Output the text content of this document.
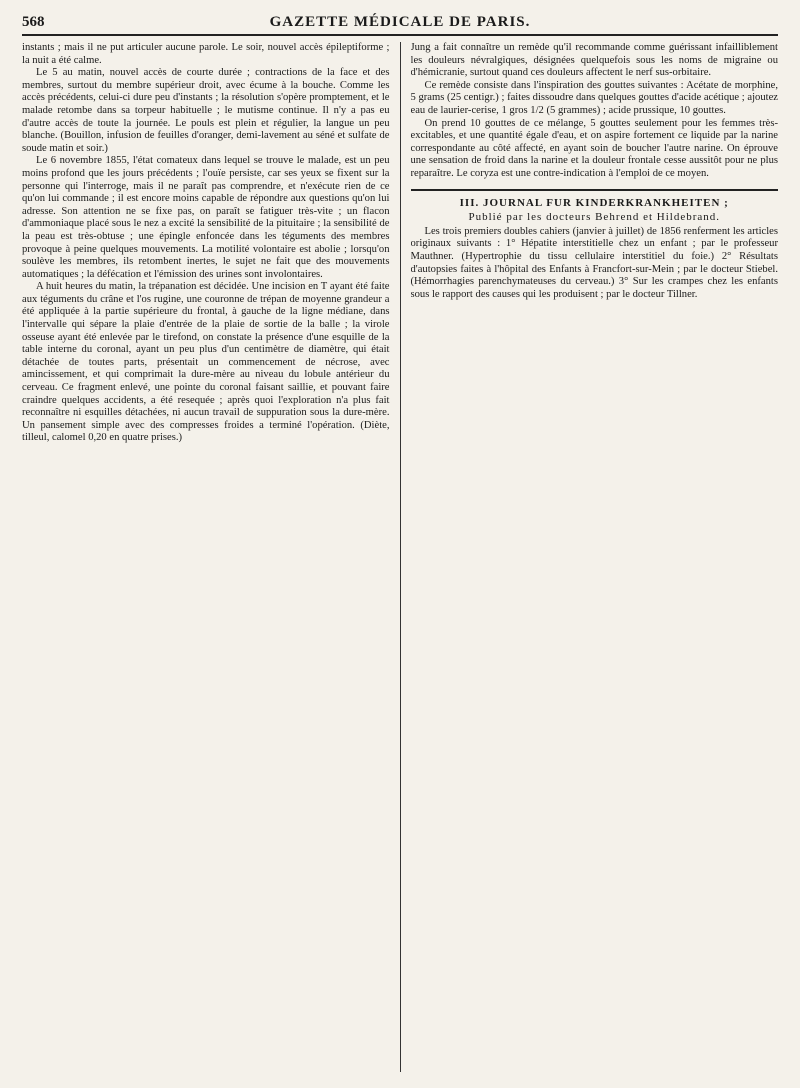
568	GAZETTE MÉDICALE DE PARIS.

instants ; mais il ne put articuler aucune parole. Le soir, nouvel accès épileptiforme ; la nuit a été calme.

Le 5 au matin, nouvel accès de courte durée ; contractions de la face et des membres, surtout du membre supérieur droit, avec écume à la bouche. Comme les accès précédents, celui-ci dure peu d'instants ; la résolution s'opère promptement, et le malade retombe dans sa torpeur habituelle ; le mutisme continue. Il n'y a pas eu d'autre accès de toute la journée. Le pouls est plein et régulier, la langue un peu blanche. (Bouillon, infusion de feuilles d'oranger, demi-lavement au séné et sulfate de soude matin et soir.)

Le 6 novembre 1855, l'état comateux dans lequel se trouve le malade, est un peu moins profond que les jours précédents ; l'ouïe persiste, car ses yeux se fixent sur la personne qui l'interroge, mais il ne paraît pas comprendre, et n'exécute rien de ce qu'on lui commande ; il est encore moins capable de répondre aux questions qu'on lui adresse. Son attention ne se fixe pas, on paraît se fatiguer très-vite ; un flacon d'ammoniaque placé sous le nez a excité la sensibilité de la pituitaire ; la sensibilité de la peau est très-obtuse ; une épingle enfoncée dans les téguments des membres provoque à peine quelques mouvements. La motilité volontaire est abolie ; lorsqu'on soulève les membres, ils retombent inertes, le sujet ne fait que des mouvements automatiques ; la défécation et l'émission des urines sont involontaires.

A huit heures du matin, la trépanation est décidée. Une incision en T ayant été faite aux téguments du crâne et l'os rugine, une couronne de trépan de moyenne grandeur a été appliquée à la partie supérieure du frontal, à gauche de la ligne médiane, dans l'intervalle qui sépare la plaie d'entrée de la plaie de sortie de la balle ; la virole osseuse ayant été enlevée par le tirefond, on constate la présence d'une esquille de la table interne du coronal, ayant un peu plus d'un centimètre de diamètre, qui était détachée de toutes parts, présentait un commencement de nécrose, avec amincissement, et qui comprimait la dure-mère au niveau du lobule antérieur du cerveau. Ce fragment enlevé, une pointe du coronal faisant saillie, et pouvant faire craindre quelques accidents, a été resequée ; après quoi l'exploration n'a plus fait reconnaître ni esquilles détachées, ni aucun travail de suppuration sous la dure-mère. Un pansement simple avec des compresses froides a terminé l'opération. (Diète, tilleul, calomel 0,20 en quatre prises.)

Jung a fait connaître un remède qu'il recommande comme guérissant infailliblement les douleurs névralgiques, désignées quelquefois sous les noms de migraine ou d'hémicranie, surtout quand ces douleurs affectent le nerf sus-orbitaire.

Ce remède consiste dans l'inspiration des gouttes suivantes : Acétate de morphine, 5 grams (25 centigr.) ; faites dissoudre dans quelques gouttes d'acide acétique ; ajoutez eau de laurier-cerise, 1 gros 1/2 (5 grammes) ; acide prussique, 10 gouttes.

On prend 10 gouttes de ce mélange, 5 gouttes seulement pour les femmes très-excitables, et une quantité égale d'eau, et on aspire fortement ce liquide par la narine correspondante au côté affecté, en ayant soin de boucher l'autre narine. On éprouve une sensation de froid dans la narine et la douleur frontale cesse aussitôt pour ne plus reparaître. Le coryza est une contre-indication à l'emploi de ce moyen.

III. JOURNAL FUR KINDERKRANKHEITEN ;
Publié par les docteurs Behrend et Hildebrand.

Les trois premiers doubles cahiers (janvier à juillet) de 1856 renferment les articles originaux suivants : 1° Hépatite interstitielle chez un enfant ; par le professeur Mauthner. (Hypertrophie du tissu cellulaire interstitiel du foie.) 2° Résultats d'autopsies faites à l'hôpital des Enfants à Francfort-sur-Mein ; par le docteur Stiebel. (Hémorrhagies parenchymateuses du cerveau.) 3° Sur les crampes chez les enfants sous le rapport des causes qui les produisent ; par le docteur Tillner.
